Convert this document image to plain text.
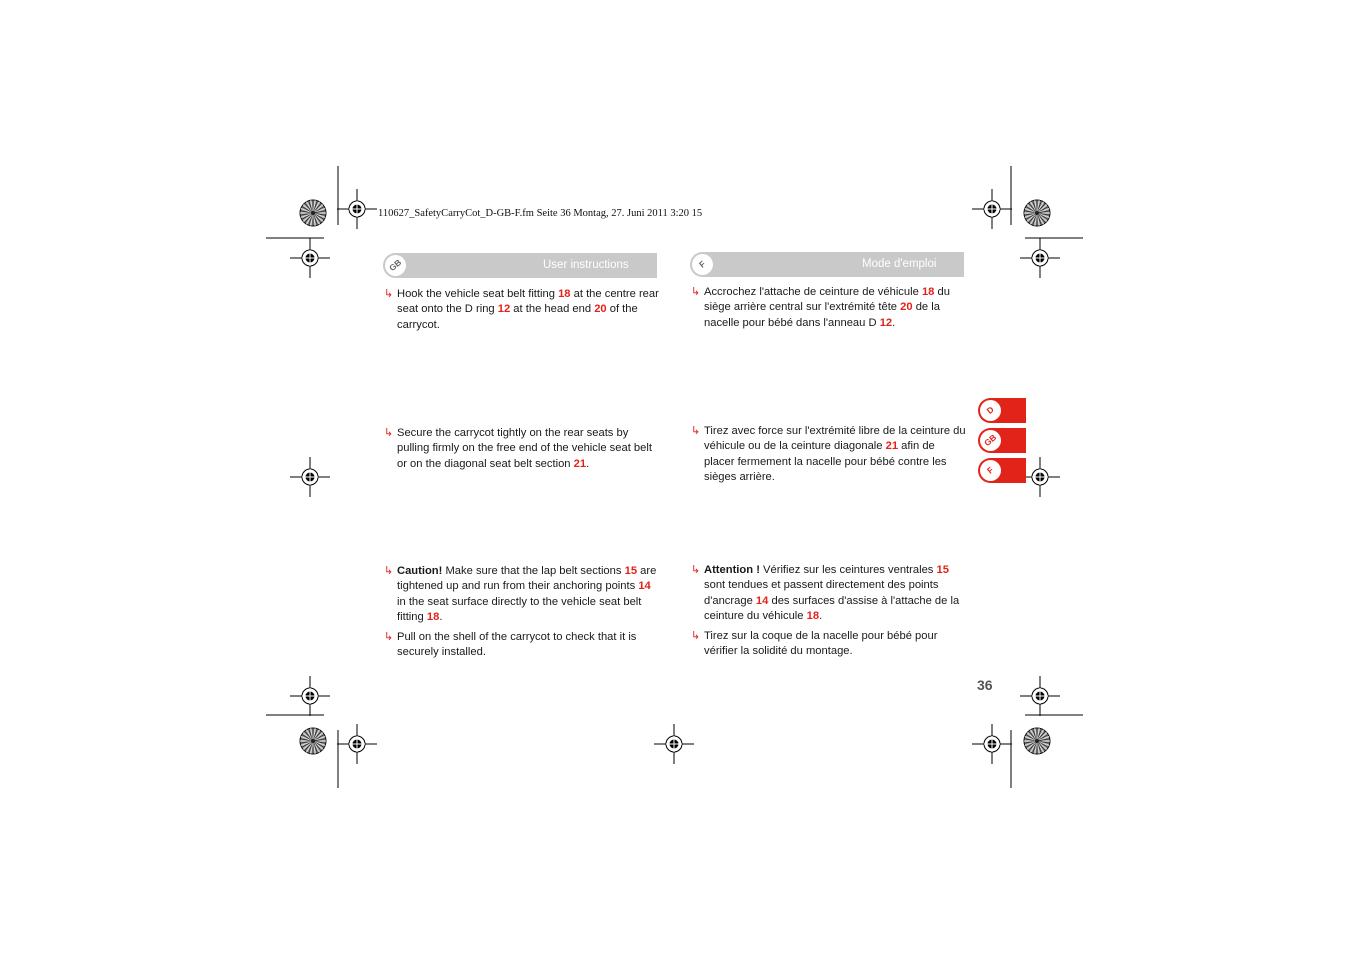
110627_SafetyCarryCot_D-GB-F.fm Seite 36 Montag, 27. Juni 2011 3:20 15
GB	User instructions
↳ Hook the vehicle seat belt fitting 18 at the centre rear seat onto the D ring 12 at the head end 20 of the carrycot.
↳ Secure the carrycot tightly on the rear seats by pulling firmly on the free end of the vehicle seat belt or on the diagonal seat belt section 21.
↳ Caution! Make sure that the lap belt sections 15 are tightened up and run from their anchoring points 14 in the seat surface directly to the vehicle seat belt fitting 18.
↳ Pull on the shell of the carrycot to check that it is securely installed.
F	Mode d'emploi
↳ Accrochez l'attache de ceinture de véhicule 18 du siège arrière central sur l'extrémité tête 20 de la nacelle pour bébé dans l'anneau D 12.
↳ Tirez avec force sur l'extrémité libre de la ceinture du véhicule ou de la ceinture diagonale 21 afin de placer fermement la nacelle pour bébé contre les sièges arrière.
↳ Attention ! Vérifiez sur les ceintures ventrales 15 sont tendues et passent directement des points d'ancrage 14 des surfaces d'assise à l'attache de la ceinture du véhicule 18.
↳ Tirez sur la coque de la nacelle pour bébé pour vérifier la solidité du montage.
D
GB
F
36
